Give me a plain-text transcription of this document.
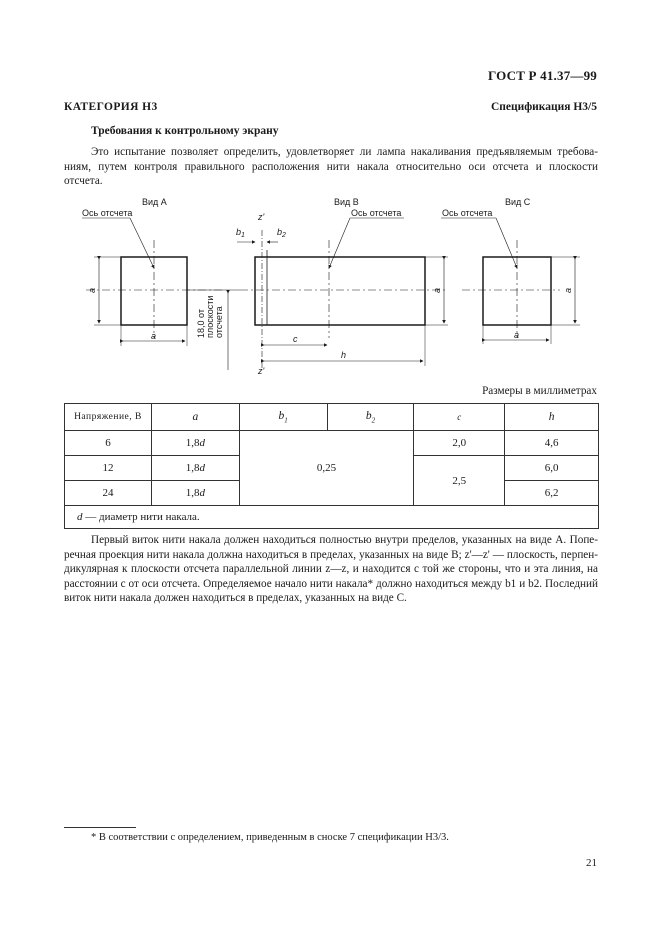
ГОСТ Р 41.37—99
КАТЕГОРИЯ Н3	Спецификация Н3/5
Требования к контрольному экрану
Это испытание позволяет определить, удовлетворяет ли лампа накаливания предъявляемым требова-
ниям, путем контроля правильного расположения нити накала относительно оси отсчета и плоскости
отсчета.
Вид А	Вид В	Вид С
Ось отсчета	Ось отсчета	Ось отсчета
z'
z'
$b_1$	$b_2$
a
a	a
c
h
a
a
18,0 от плоскости отсчета
Размеры в миллиметрах
Напряжение, В	a	$b_1$	$b_2$	c	h
6	1,8d	0,25		2,0	4,6
12	1,8d			2,5	6,0
24	1,8d				6,2
d — диаметр нити накала.					
Первый виток нити накала должен находиться полностью внутри пределов, указанных на виде А. Попе-
речная проекция нити накала должна находиться в пределах, указанных на виде В; z'—z' — плоскость, перпен-
дикулярная к плоскости отсчета параллельной линии z—z, и находится с той же стороны, что и эта линия, на
расстоянии c от оси отсчета. Определяемое начало нити накала* должно находиться между b1 и b2. Последний
виток нити накала должен находиться в пределах, указанных на виде С.
* В соответствии с определением, приведенным в сноске 7 спецификации Н3/3.
21
